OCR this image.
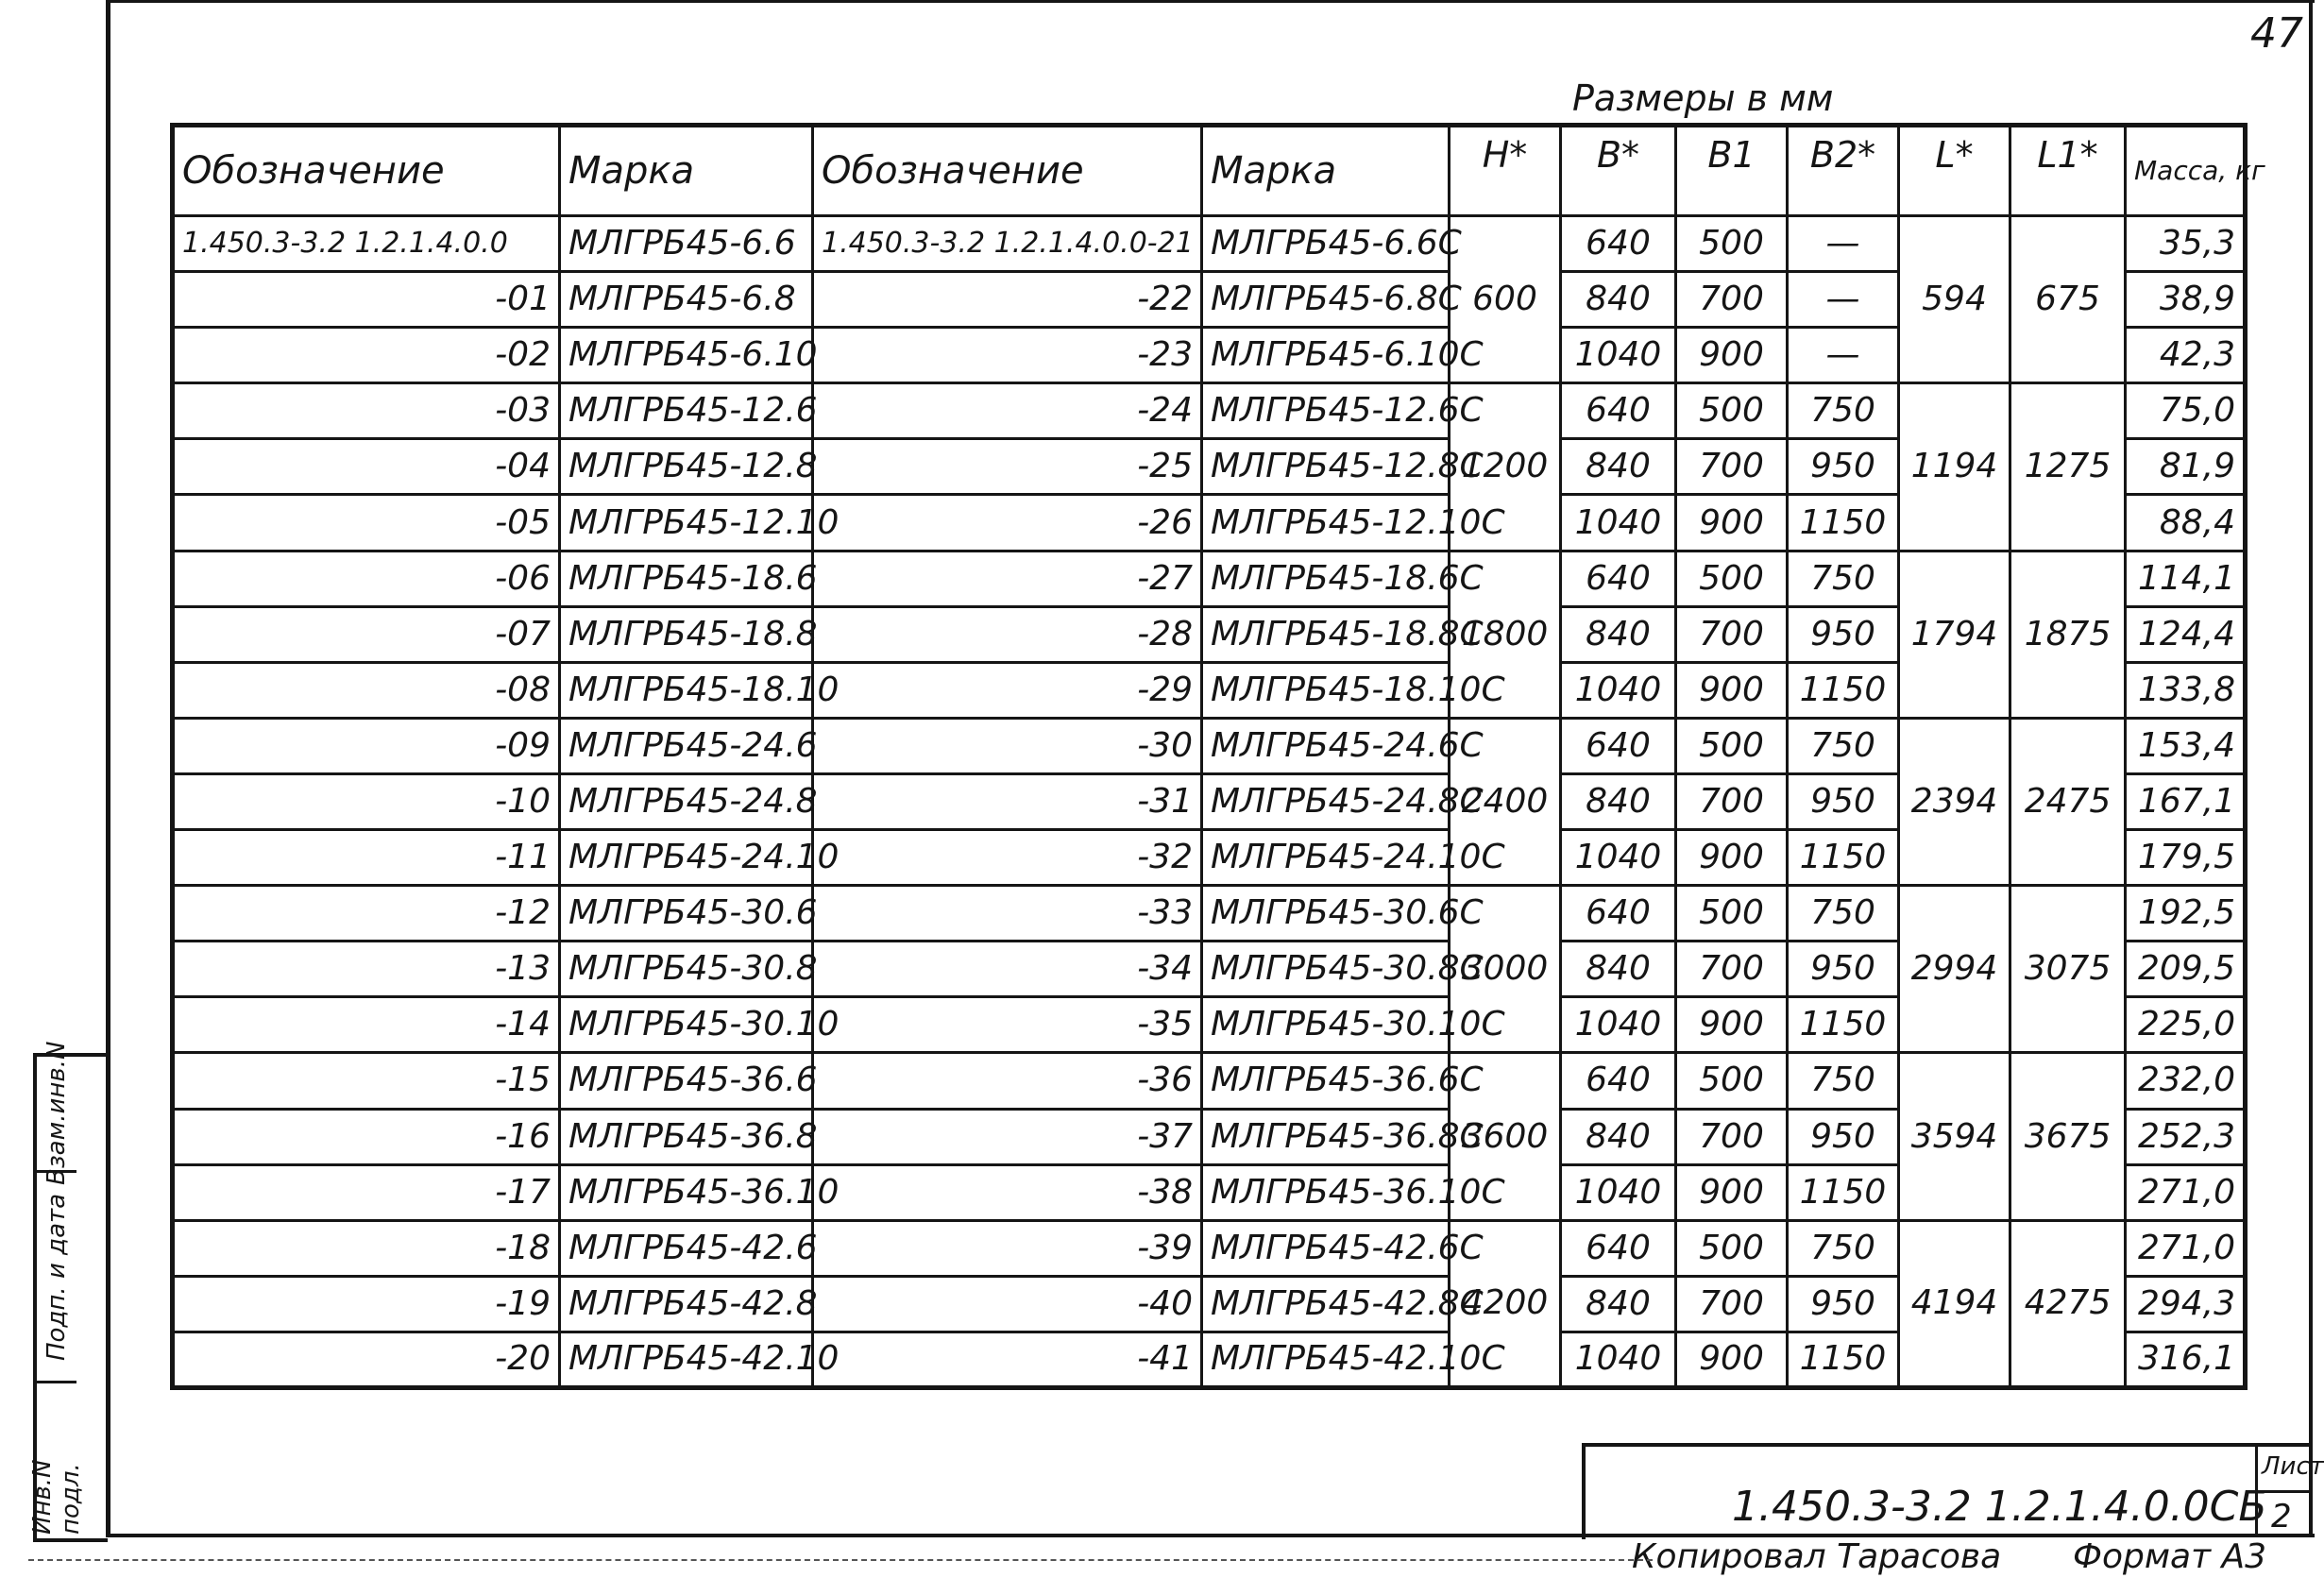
47
Размеры в мм
Обозначение	Марка	Обозначение	Марка	H*	B*	B1	B2*	L*	L1*	Масса, кг
1.450.3-3.2 1.2.1.4.0.0	МЛГРБ45-6.6	1.450.3-3.2 1.2.1.4.0.0-21	МЛГРБ45-6.6С	600	640	500	—	594	675	35,3
-01	МЛГРБ45-6.8	-22	МЛГРБ45-6.8С		840	700	—			38,9
-02	МЛГРБ45-6.10	-23	МЛГРБ45-6.10С		1040	900	—			42,3
-03	МЛГРБ45-12.6	-24	МЛГРБ45-12.6С	1200	640	500	750	1194	1275	75,0
-04	МЛГРБ45-12.8	-25	МЛГРБ45-12.8С		840	700	950			81,9
-05	МЛГРБ45-12.10	-26	МЛГРБ45-12.10С		1040	900	1150			88,4
-06	МЛГРБ45-18.6	-27	МЛГРБ45-18.6С	1800	640	500	750	1794	1875	114,1
-07	МЛГРБ45-18.8	-28	МЛГРБ45-18.8С		840	700	950			124,4
-08	МЛГРБ45-18.10	-29	МЛГРБ45-18.10С		1040	900	1150			133,8
-09	МЛГРБ45-24.6	-30	МЛГРБ45-24.6С	2400	640	500	750	2394	2475	153,4
-10	МЛГРБ45-24.8	-31	МЛГРБ45-24.8С		840	700	950			167,1
-11	МЛГРБ45-24.10	-32	МЛГРБ45-24.10С		1040	900	1150			179,5
-12	МЛГРБ45-30.6	-33	МЛГРБ45-30.6С	3000	640	500	750	2994	3075	192,5
-13	МЛГРБ45-30.8	-34	МЛГРБ45-30.8С		840	700	950			209,5
-14	МЛГРБ45-30.10	-35	МЛГРБ45-30.10С		1040	900	1150			225,0
-15	МЛГРБ45-36.6	-36	МЛГРБ45-36.6С	3600	640	500	750	3594	3675	232,0
-16	МЛГРБ45-36.8	-37	МЛГРБ45-36.8С		840	700	950			252,3
-17	МЛГРБ45-36.10	-38	МЛГРБ45-36.10С		1040	900	1150			271,0
-18	МЛГРБ45-42.6	-39	МЛГРБ45-42.6С	4200	640	500	750	4194	4275	271,0
-19	МЛГРБ45-42.8	-40	МЛГРБ45-42.8С		840	700	950			294,3
-20	МЛГРБ45-42.10	-41	МЛГРБ45-42.10С		1040	900	1150			316,1
Взам.инв.N
Подп. и дата
Инв.N подл.	1.450.3-3.2 1.2.1.4.0.0СБ
Лист
2
Копировал Тарасова Формат А3
